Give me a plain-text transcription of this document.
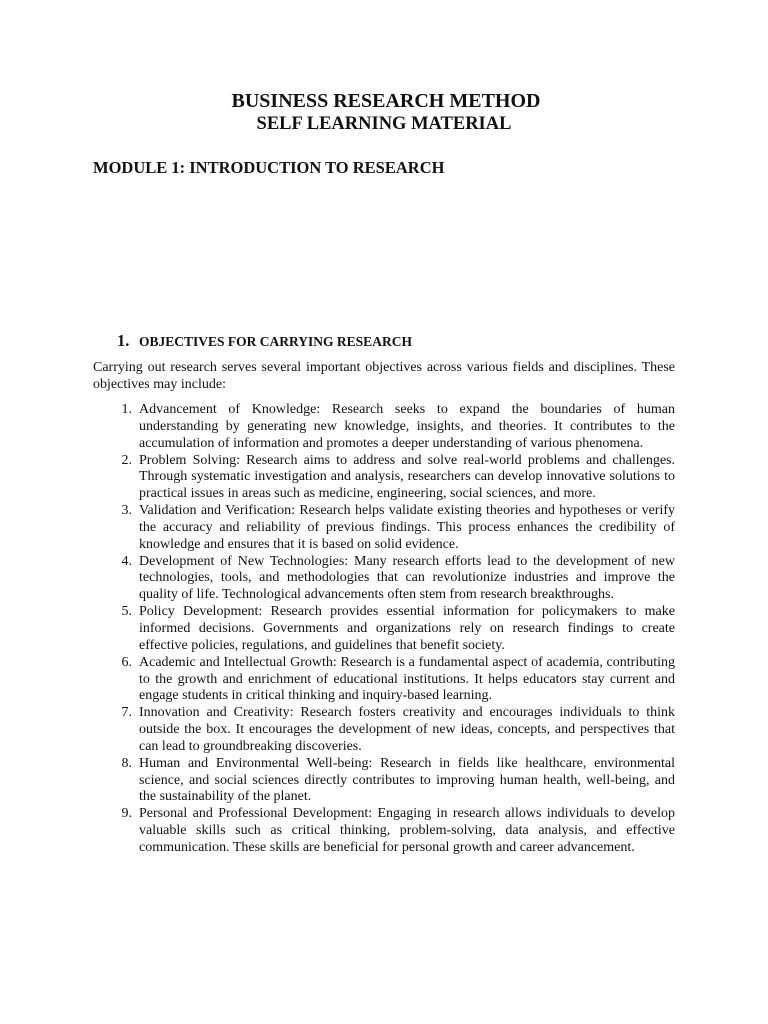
BUSINESS RESEARCH METHOD
SELF LEARNING MATERIAL
MODULE 1: INTRODUCTION TO RESEARCH
1. OBJECTIVES FOR CARRYING RESEARCH

Carrying out research serves several important objectives across various fields and disciplines. These objectives may include:

1. Advancement of Knowledge: Research seeks to expand the boundaries of human understanding by generating new knowledge, insights, and theories. It contributes to the accumulation of information and promotes a deeper understanding of various phenomena.
2. Problem Solving: Research aims to address and solve real-world problems and challenges. Through systematic investigation and analysis, researchers can develop innovative solutions to practical issues in areas such as medicine, engineering, social sciences, and more.
3. Validation and Verification: Research helps validate existing theories and hypotheses or verify the accuracy and reliability of previous findings. This process enhances the credibility of knowledge and ensures that it is based on solid evidence.
4. Development of New Technologies: Many research efforts lead to the development of new technologies, tools, and methodologies that can revolutionize industries and improve the quality of life. Technological advancements often stem from research breakthroughs.
5. Policy Development: Research provides essential information for policymakers to make informed decisions. Governments and organizations rely on research findings to create effective policies, regulations, and guidelines that benefit society.
6. Academic and Intellectual Growth: Research is a fundamental aspect of academia, contributing to the growth and enrichment of educational institutions. It helps educators stay current and engage students in critical thinking and inquiry-based learning.
7. Innovation and Creativity: Research fosters creativity and encourages individuals to think outside the box. It encourages the development of new ideas, concepts, and perspectives that can lead to groundbreaking discoveries.
8. Human and Environmental Well-being: Research in fields like healthcare, environmental science, and social sciences directly contributes to improving human health, well-being, and the sustainability of the planet.
9. Personal and Professional Development: Engaging in research allows individuals to develop valuable skills such as critical thinking, problem-solving, data analysis, and effective communication. These skills are beneficial for personal growth and career advancement.
